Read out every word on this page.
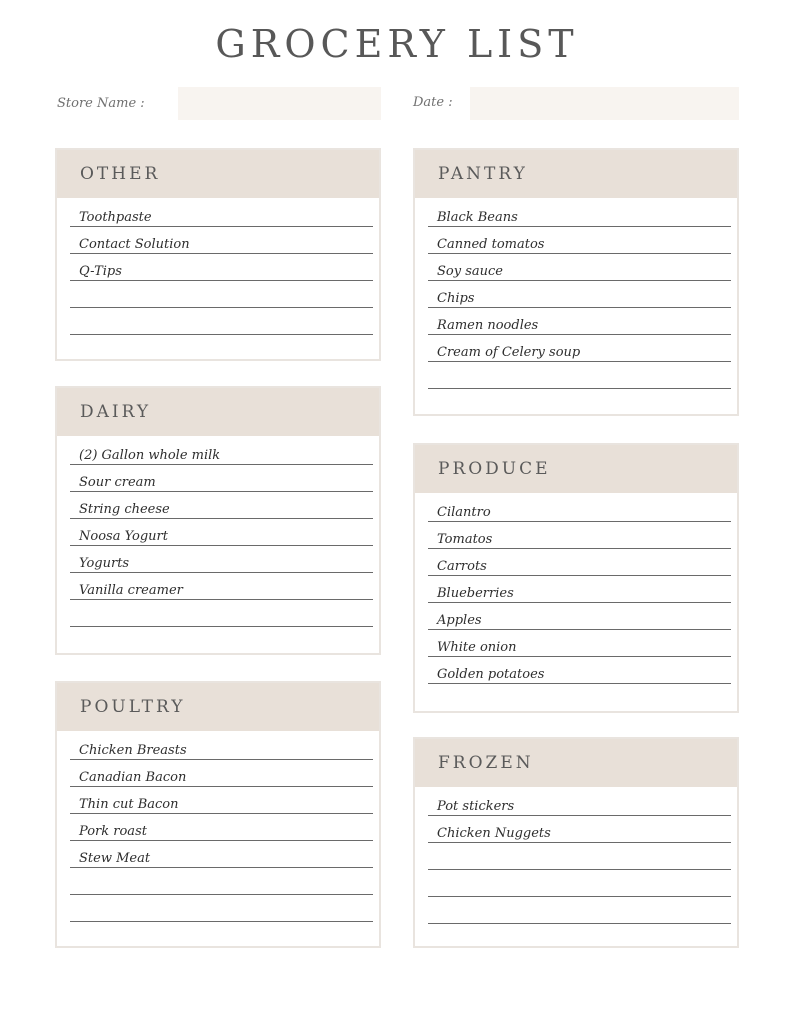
GROCERY LIST
Store Name :	Date :
OTHER
Toothpaste
Contact Solution
Q-Tips
DAIRY
(2) Gallon whole milk
Sour cream
String cheese
Noosa Yogurt
Yogurts
Vanilla creamer
POULTRY
Chicken Breasts
Canadian Bacon
Thin cut Bacon
Pork roast
Stew Meat
PANTRY
Black Beans
Canned tomatos
Soy sauce
Chips
Ramen noodles
Cream of Celery soup
PRODUCE
Cilantro
Tomatos
Carrots
Blueberries
Apples
White onion
Golden potatoes
FROZEN
Pot stickers
Chicken Nuggets
